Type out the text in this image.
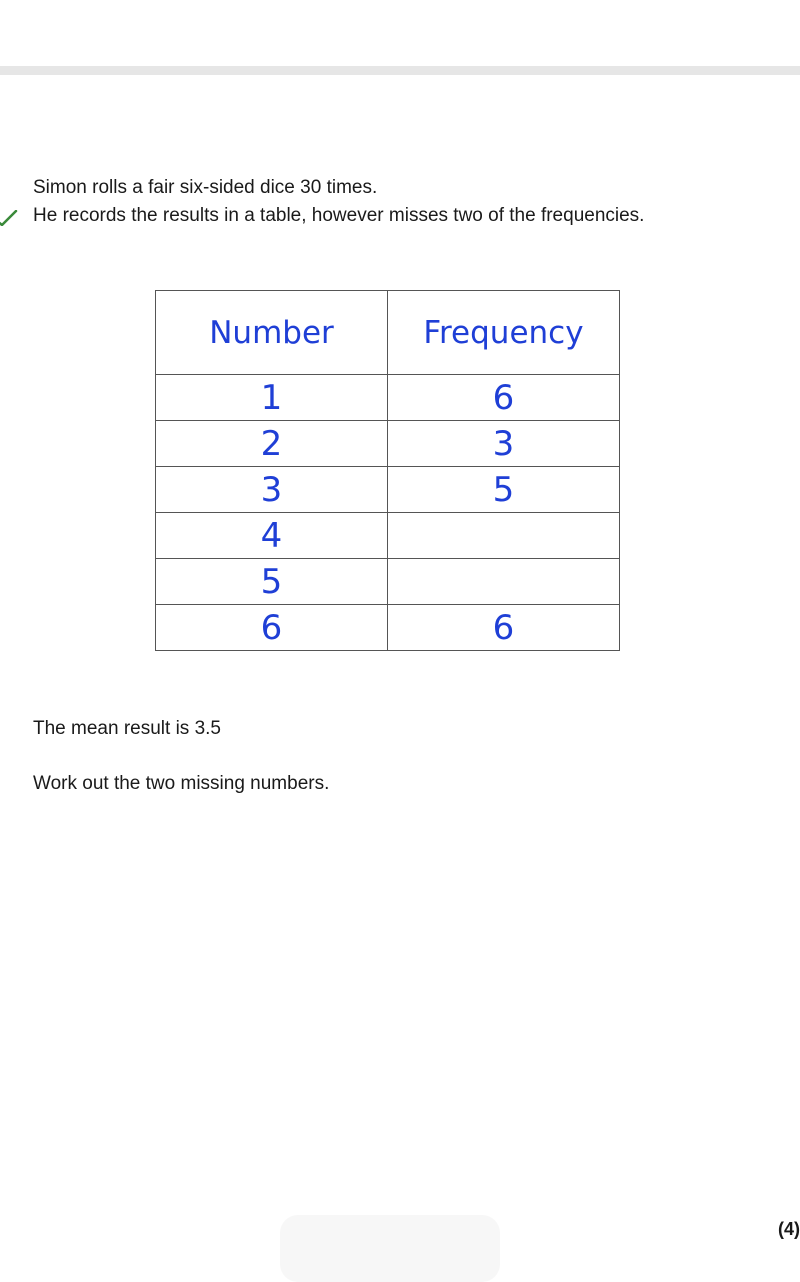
Simon rolls a fair six-sided dice 30 times.
He records the results in a table, however misses two of the frequencies.
Number	Frequency
1	6
2	3
3	5
4	
5	
6	6
The mean result is 3.5
Work out the two missing numbers.
(4)
